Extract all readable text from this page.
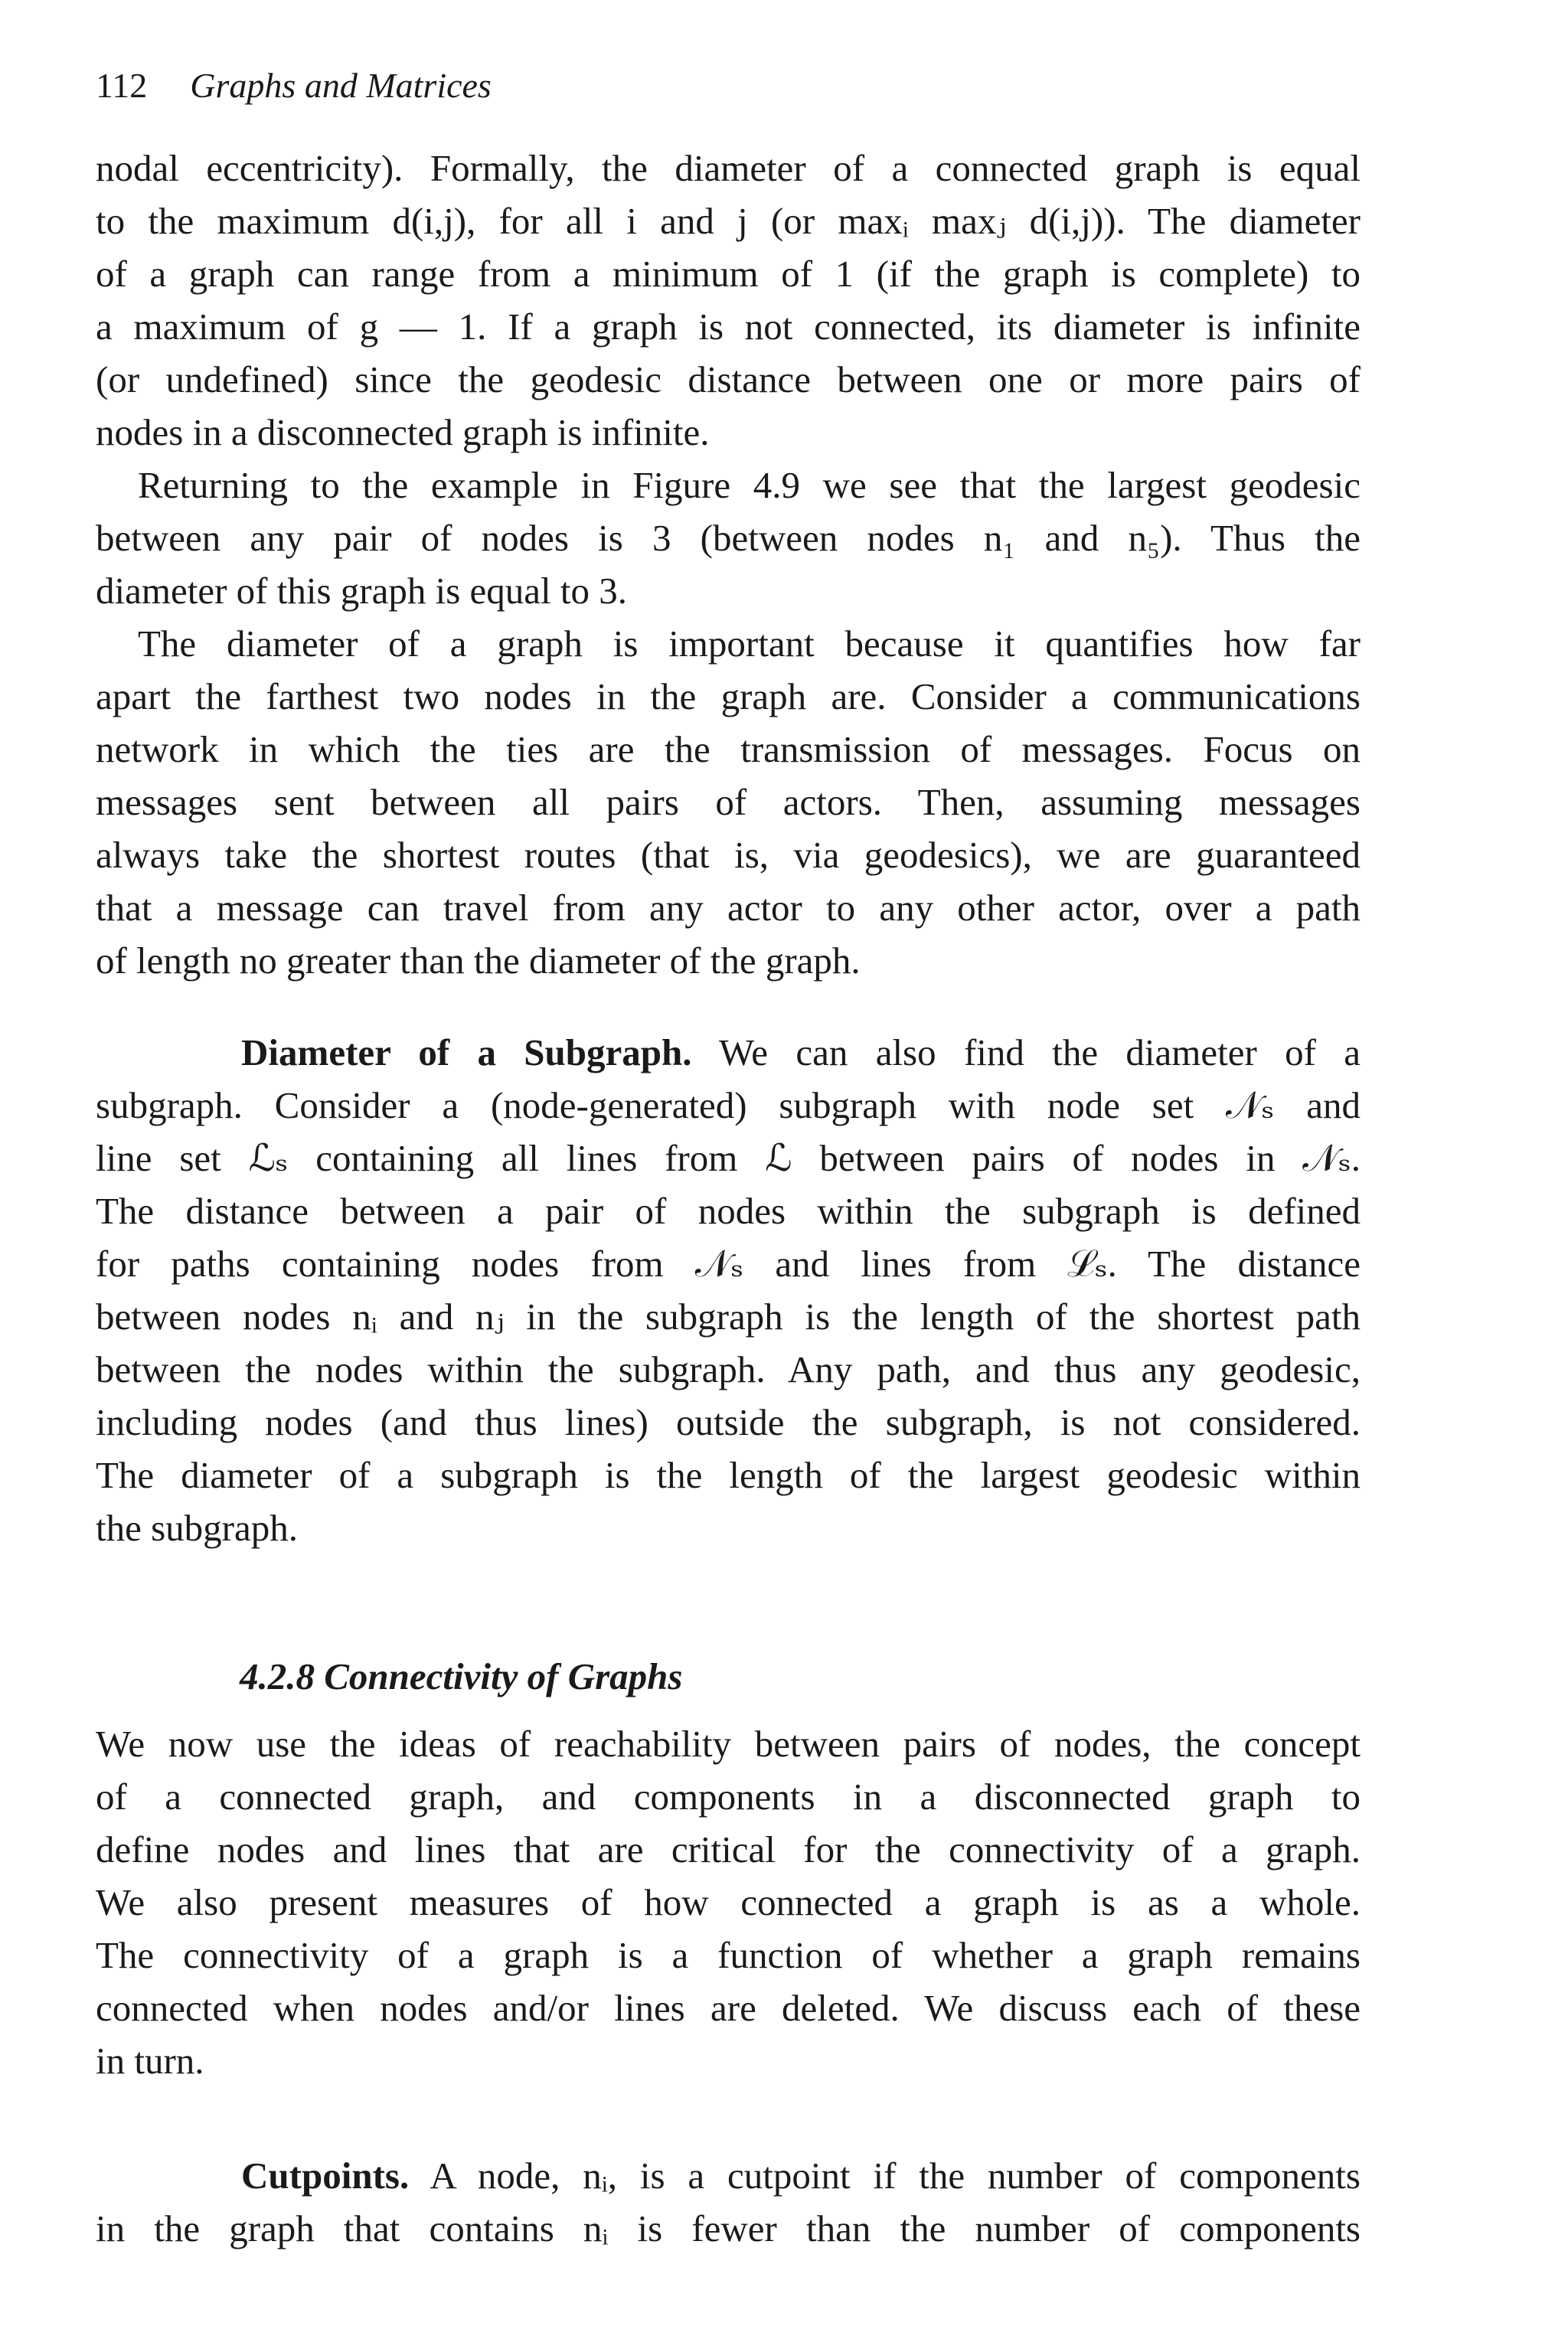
112 Graphs and Matrices
nodal eccentricity). Formally, the diameter of a connected graph is equal
to the maximum d(i,j), for all i and j (or maxᵢ maxⱼ d(i,j)). The diameter
of a graph can range from a minimum of 1 (if the graph is complete) to
a maximum of g — 1. If a graph is not connected, its diameter is infinite
(or undefined) since the geodesic distance between one or more pairs of
nodes in a disconnected graph is infinite.
Returning to the example in Figure 4.9 we see that the largest geodesic
between any pair of nodes is 3 (between nodes n₁ and n₅). Thus the
diameter of this graph is equal to 3.
The diameter of a graph is important because it quantifies how far
apart the farthest two nodes in the graph are. Consider a communications
network in which the ties are the transmission of messages. Focus on
messages sent between all pairs of actors. Then, assuming messages
always take the shortest routes (that is, via geodesics), we are guaranteed
that a message can travel from any actor to any other actor, over a path
of length no greater than the diameter of the graph.
Diameter of a Subgraph. We can also find the diameter of a
subgraph. Consider a (node-generated) subgraph with node set 𝒩ₛ and
line set ℒₛ containing all lines from ℒ between pairs of nodes in 𝒩ₛ.
The distance between a pair of nodes within the subgraph is defined
for paths containing nodes from 𝒩ₛ and lines from ℒₛ. The distance
between nodes nᵢ and nⱼ in the subgraph is the length of the shortest path
between the nodes within the subgraph. Any path, and thus any geodesic,
including nodes (and thus lines) outside the subgraph, is not considered.
The diameter of a subgraph is the length of the largest geodesic within
the subgraph.
4.2.8 Connectivity of Graphs
We now use the ideas of reachability between pairs of nodes, the concept
of a connected graph, and components in a disconnected graph to
define nodes and lines that are critical for the connectivity of a graph.
We also present measures of how connected a graph is as a whole.
The connectivity of a graph is a function of whether a graph remains
connected when nodes and/or lines are deleted. We discuss each of these
in turn.
Cutpoints. A node, nᵢ, is a cutpoint if the number of components
in the graph that contains nᵢ is fewer than the number of components
